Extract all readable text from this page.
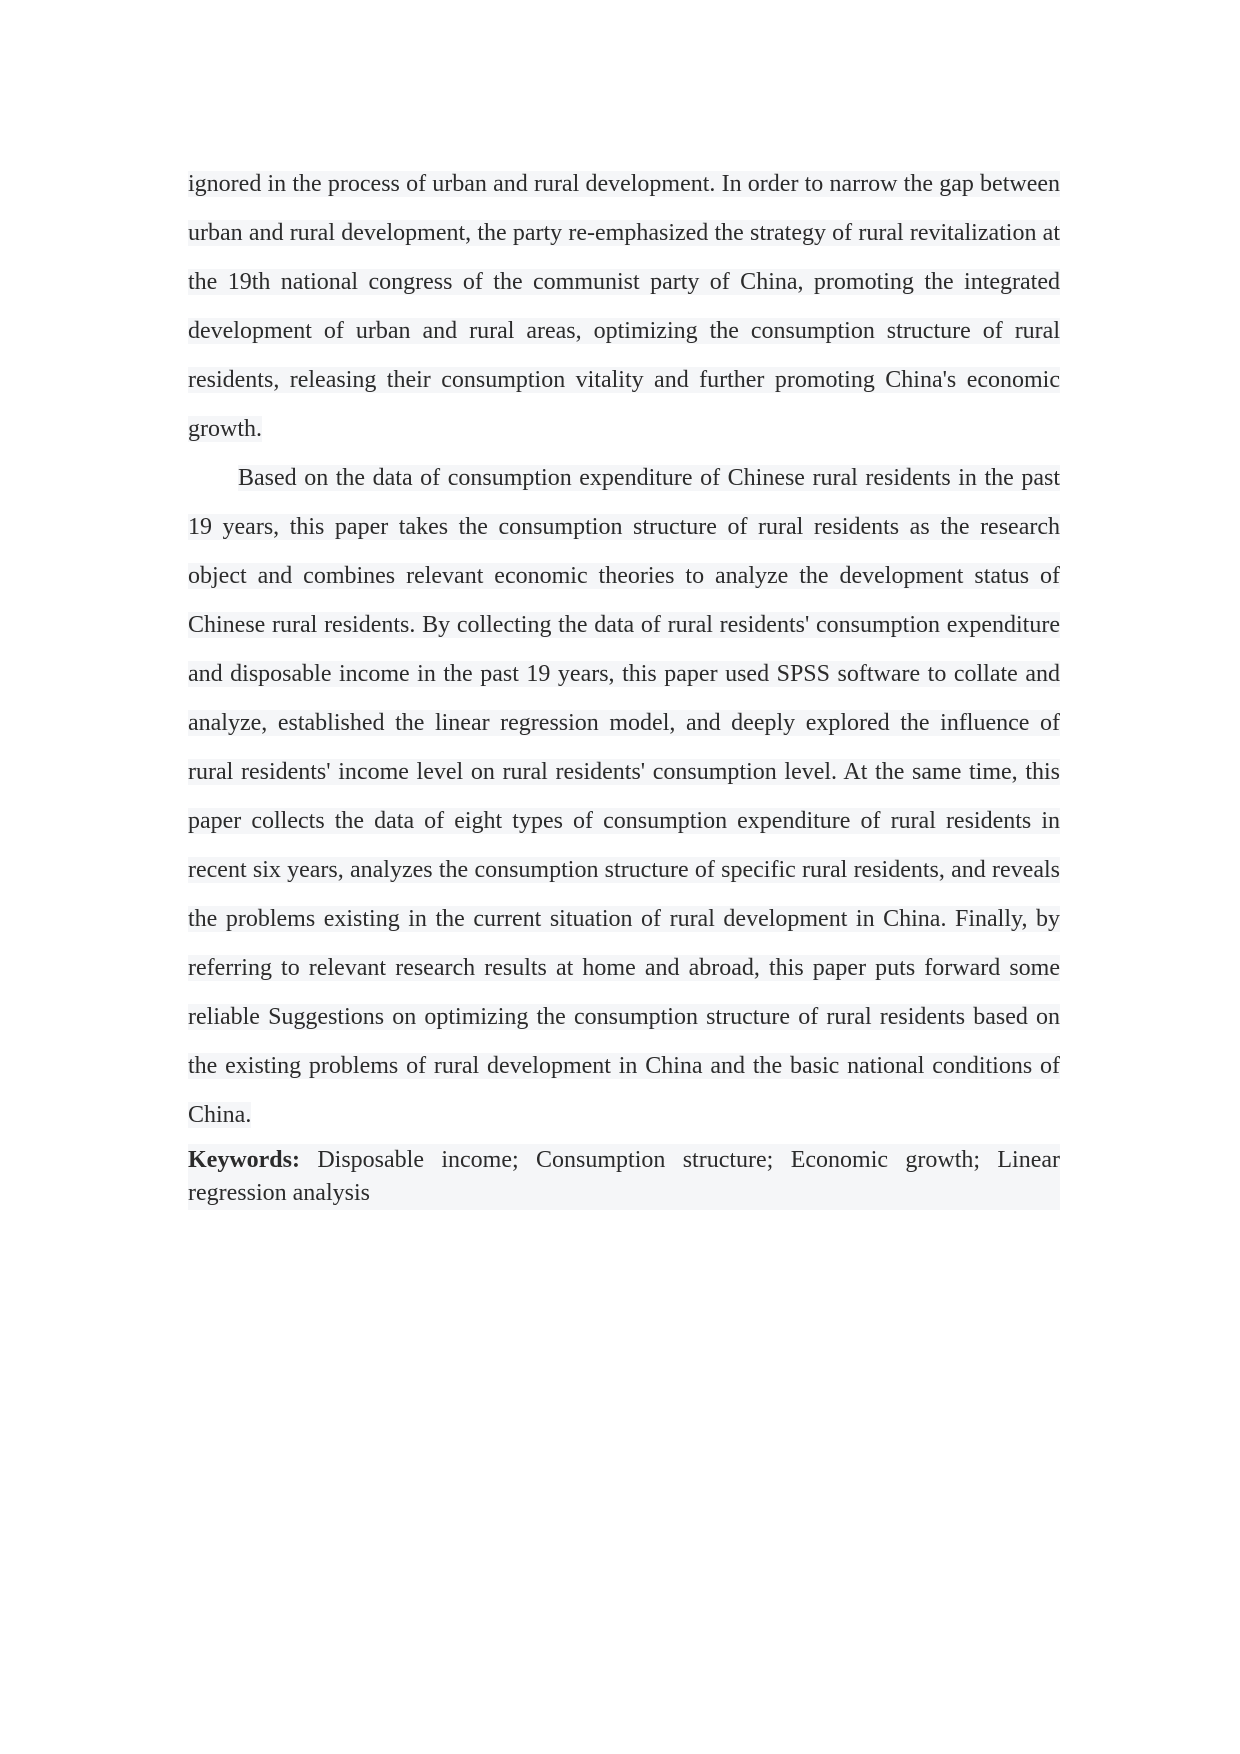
ignored in the process of urban and rural development. In order to narrow the gap between urban and rural development, the party re-emphasized the strategy of rural revitalization at the 19th national congress of the communist party of China, promoting the integrated development of urban and rural areas, optimizing the consumption structure of rural residents, releasing their consumption vitality and further promoting China's economic growth.

Based on the data of consumption expenditure of Chinese rural residents in the past 19 years, this paper takes the consumption structure of rural residents as the research object and combines relevant economic theories to analyze the development status of Chinese rural residents. By collecting the data of rural residents' consumption expenditure and disposable income in the past 19 years, this paper used SPSS software to collate and analyze, established the linear regression model, and deeply explored the influence of rural residents' income level on rural residents' consumption level. At the same time, this paper collects the data of eight types of consumption expenditure of rural residents in recent six years, analyzes the consumption structure of specific rural residents, and reveals the problems existing in the current situation of rural development in China. Finally, by referring to relevant research results at home and abroad, this paper puts forward some reliable Suggestions on optimizing the consumption structure of rural residents based on the existing problems of rural development in China and the basic national conditions of China.

Keywords: Disposable income; Consumption structure; Economic growth; Linear regression analysis
